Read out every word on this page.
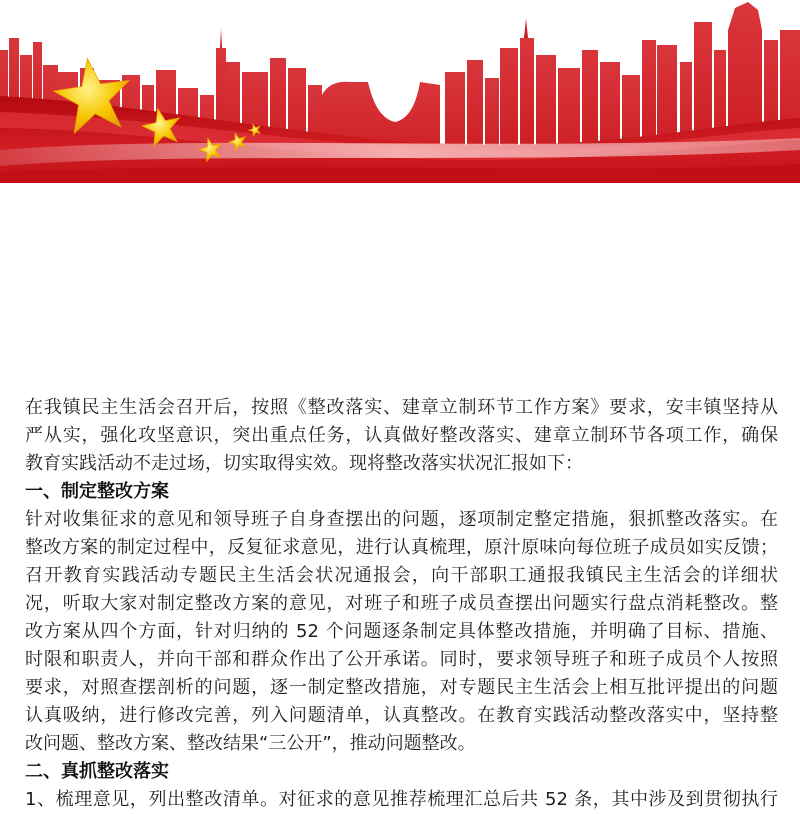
在我镇民主生活会召开后，按照《整改落实、建章立制环节工作方案》要求，安丰镇坚持从
严从实，强化攻坚意识，突出重点任务，认真做好整改落实、建章立制环节各项工作，确保
教育实践活动不走过场，切实取得实效。现将整改落实状况汇报如下：
一、制定整改方案
针对收集征求的意见和领导班子自身查摆出的问题，逐项制定整定措施，狠抓整改落实。在
整改方案的制定过程中，反复征求意见，进行认真梳理，原汁原味向每位班子成员如实反馈；
召开教育实践活动专题民主生活会状况通报会，向干部职工通报我镇民主生活会的详细状
况，听取大家对制定整改方案的意见，对班子和班子成员查摆出问题实行盘点消耗整改。整
改方案从四个方面，针对归纳的 52 个问题逐条制定具体整改措施，并明确了目标、措施、
时限和职责人，并向干部和群众作出了公开承诺。同时，要求领导班子和班子成员个人按照
要求，对照查摆剖析的问题，逐一制定整改措施，对专题民主生活会上相互批评提出的问题
认真吸纳，进行修改完善，列入问题清单，认真整改。在教育实践活动整改落实中，坚持整
改问题、整改方案、整改结果“三公开”，推动问题整改。
二、真抓整改落实
1、梳理意见，列出整改清单。对征求的意见推荐梳理汇总后共 52 条，其中涉及到贯彻执行
